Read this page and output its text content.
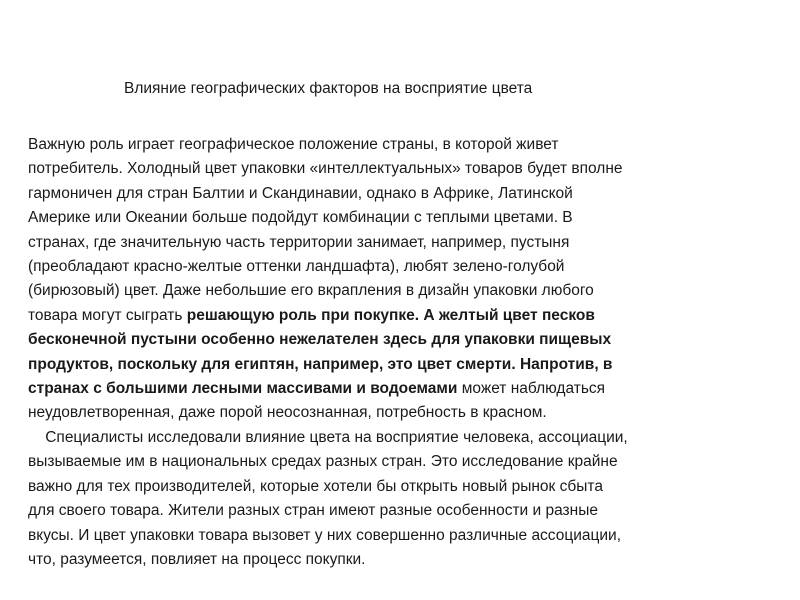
Влияние географических факторов на восприятие цвета
Важную роль играет географическое положение страны, в которой живет
потребитель. Холодный цвет упаковки «интеллектуальных» товаров будет вполне
гармоничен для стран Балтии и Скандинавии, однако в Африке, Латинской
Америке или Океании больше подойдут комбинации с теплыми цветами. В
странах, где значительную часть территории занимает, например, пустыня
(преобладают красно-желтые оттенки ландшафта), любят зелено-голубой
(бирюзовый) цвет. Даже небольшие его вкрапления в дизайн упаковки любого
товара могут сыграть решающую роль при покупке. А желтый цвет песков
бесконечной пустыни особенно нежелателен здесь для упаковки пищевых
продуктов, поскольку для египтян, например, это цвет смерти. Напротив, в
странах с большими лесными массивами и водоемами может наблюдаться
неудовлетворенная, даже порой неосознанная, потребность в красном.
Специалисты исследовали влияние цвета на восприятие человека, ассоциации,
вызываемые им в национальных средах разных стран. Это исследование крайне
важно для тех производителей, которые хотели бы открыть новый рынок сбыта
для своего товара. Жители разных стран имеют разные особенности и разные
вкусы. И цвет упаковки товара вызовет у них совершенно различные ассоциации,
что, разумеется, повлияет на процесс покупки.
